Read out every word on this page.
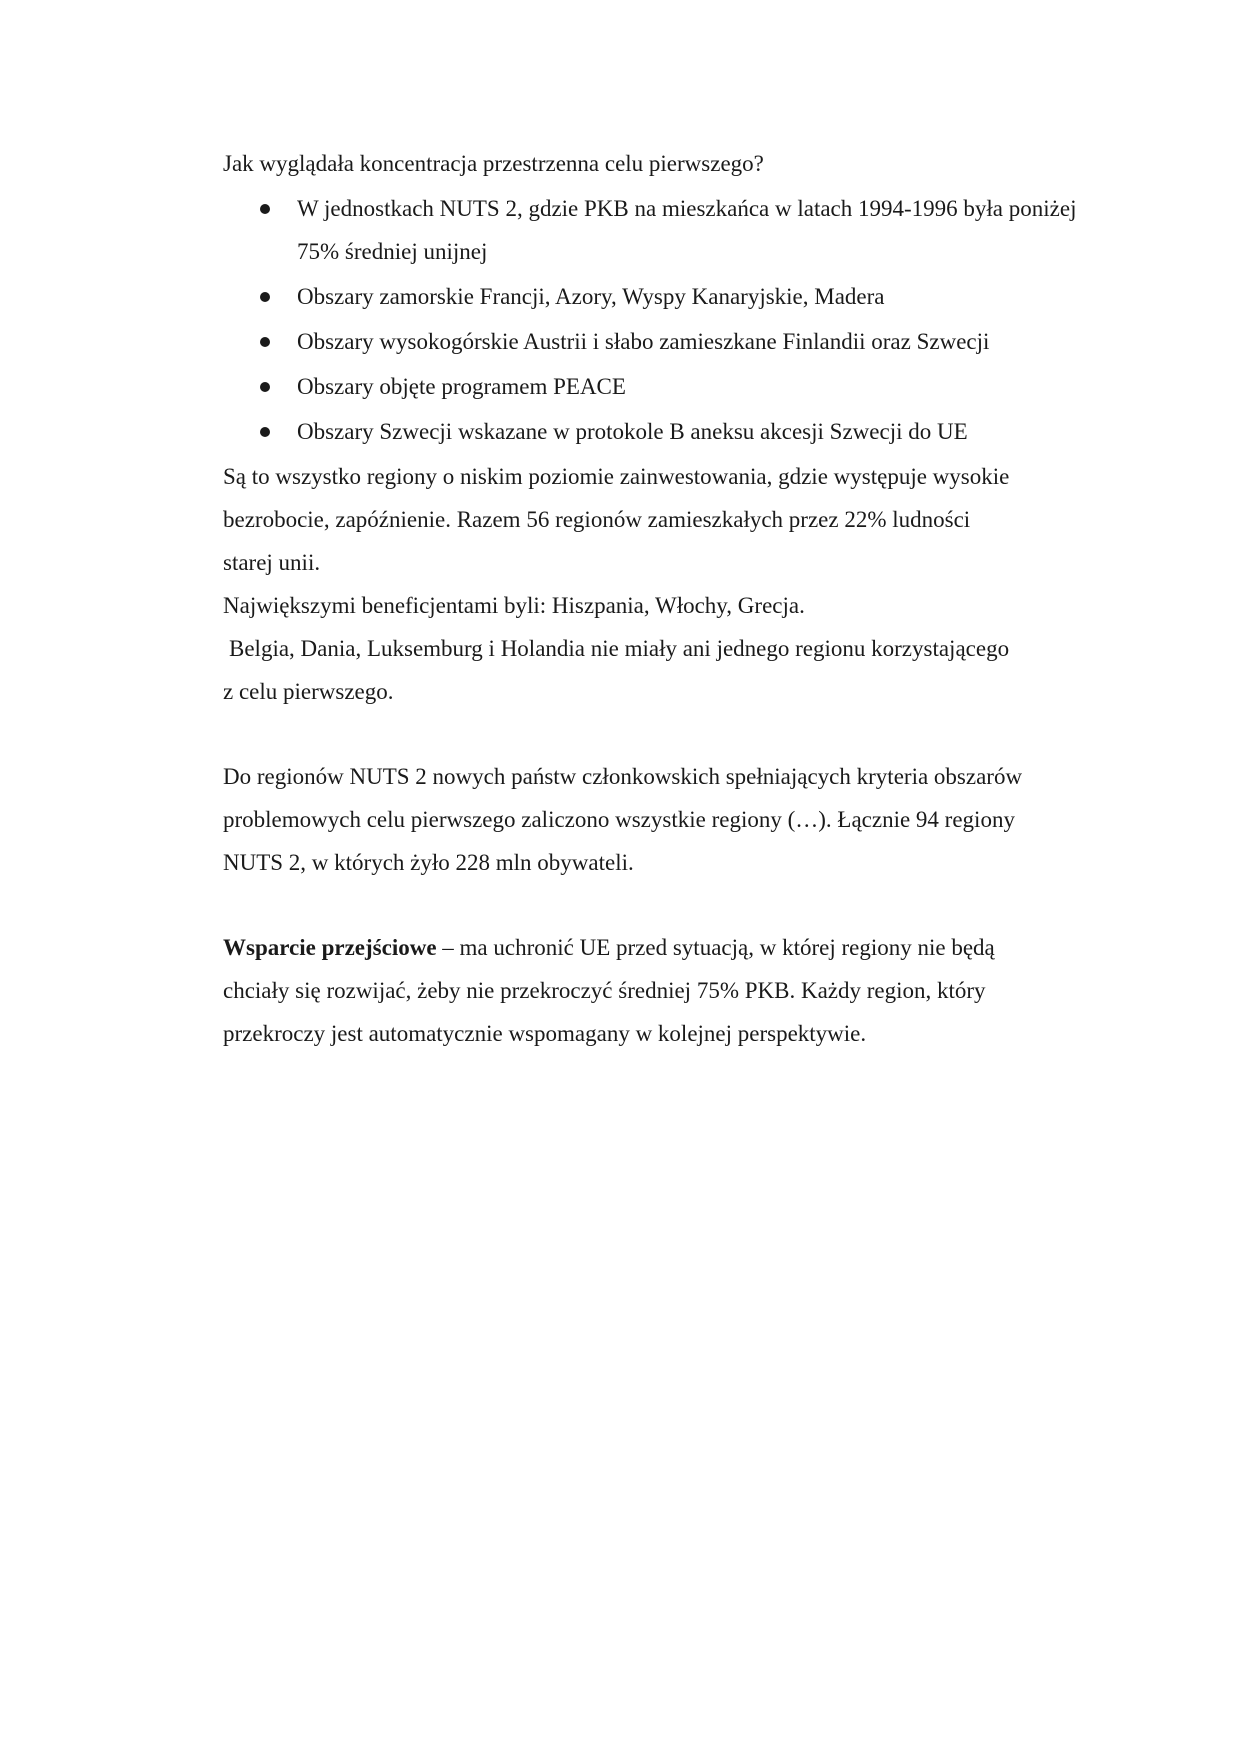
Jak wyglądała koncentracja przestrzenna celu pierwszego?

W jednostkach NUTS 2, gdzie PKB na mieszkańca w latach 1994-1996 była poniżej 75% średniej unijnej
Obszary zamorskie Francji, Azory, Wyspy Kanaryjskie, Madera
Obszary wysokogórskie Austrii i słabo zamieszkane Finlandii oraz Szwecji
Obszary objęte programem PEACE
Obszary Szwecji wskazane w protokole B aneksu akcesji Szwecji do UE

Są to wszystko regiony o niskim poziomie zainwestowania, gdzie występuje wysokie

bezrobocie, zapóźnienie. Razem 56 regionów zamieszkałych przez 22% ludności

starej unii.

Największymi beneficjentami byli: Hiszpania, Włochy, Grecja.

Belgia, Dania, Luksemburg i Holandia nie miały ani jednego regionu korzystającego

z celu pierwszego.

Do regionów NUTS 2 nowych państw członkowskich spełniających kryteria obszarów

problemowych celu pierwszego zaliczono wszystkie regiony (…). Łącznie 94 regiony

NUTS 2, w których żyło 228 mln obywateli.

Wsparcie przejściowe – ma uchronić UE przed sytuacją, w której regiony nie będą

chciały się rozwijać, żeby nie przekroczyć średniej 75% PKB. Każdy region, który

przekroczy jest automatycznie wspomagany w kolejnej perspektywie.
